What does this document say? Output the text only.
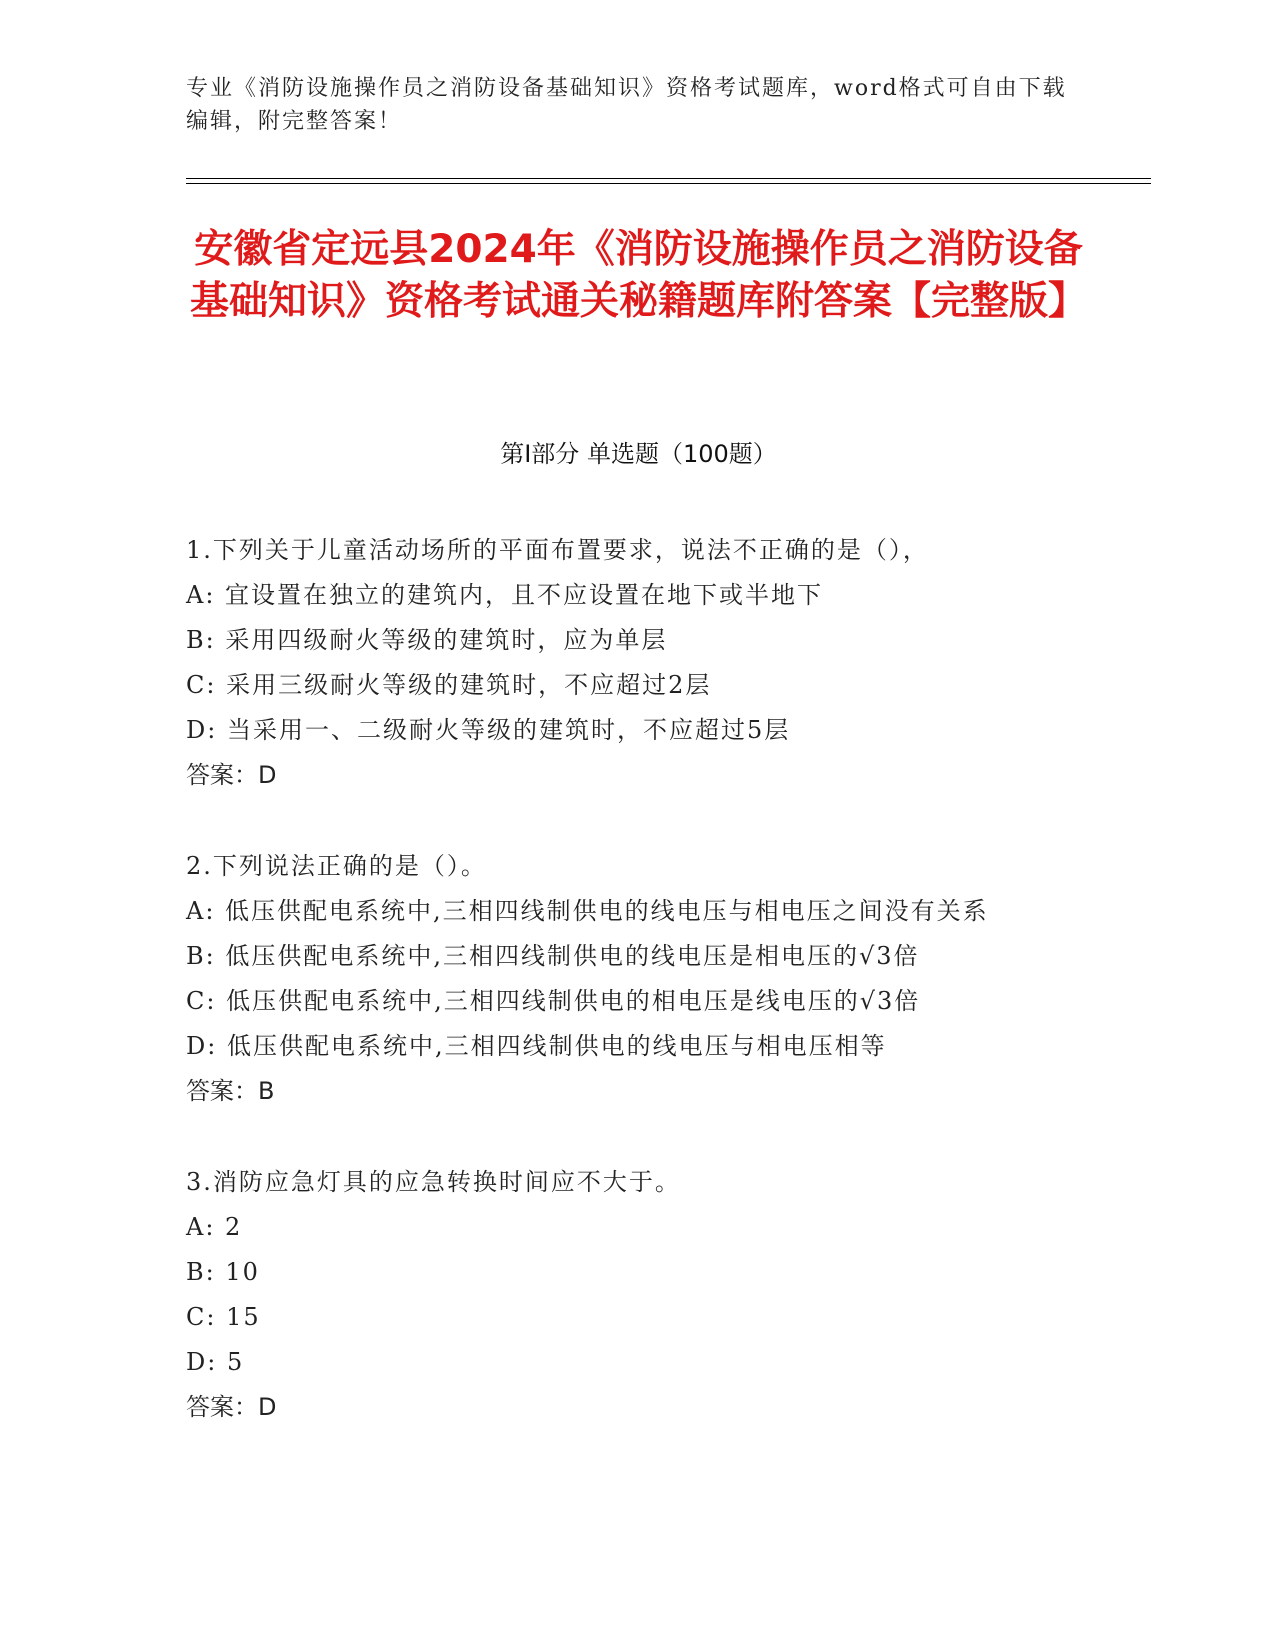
专业《消防设施操作员之消防设备基础知识》资格考试题库，word格式可自由下载编辑，附完整答案！
安徽省定远县2024年《消防设施操作员之消防设备基础知识》资格考试通关秘籍题库附答案【完整版】
第I部分 单选题（100题）
1.下列关于儿童活动场所的平面布置要求，说法不正确的是（），
A: 宜设置在独立的建筑内，且不应设置在地下或半地下
B: 采用四级耐火等级的建筑时，应为单层
C: 采用三级耐火等级的建筑时，不应超过2层
D: 当采用一、二级耐火等级的建筑时，不应超过5层
答案：D
2.下列说法正确的是（）。
A: 低压供配电系统中,三相四线制供电的线电压与相电压之间没有关系
B: 低压供配电系统中,三相四线制供电的线电压是相电压的√3倍
C: 低压供配电系统中,三相四线制供电的相电压是线电压的√3倍
D: 低压供配电系统中,三相四线制供电的线电压与相电压相等
答案：B
3.消防应急灯具的应急转换时间应不大于。
A: 2
B: 10
C: 15
D: 5
答案：D
